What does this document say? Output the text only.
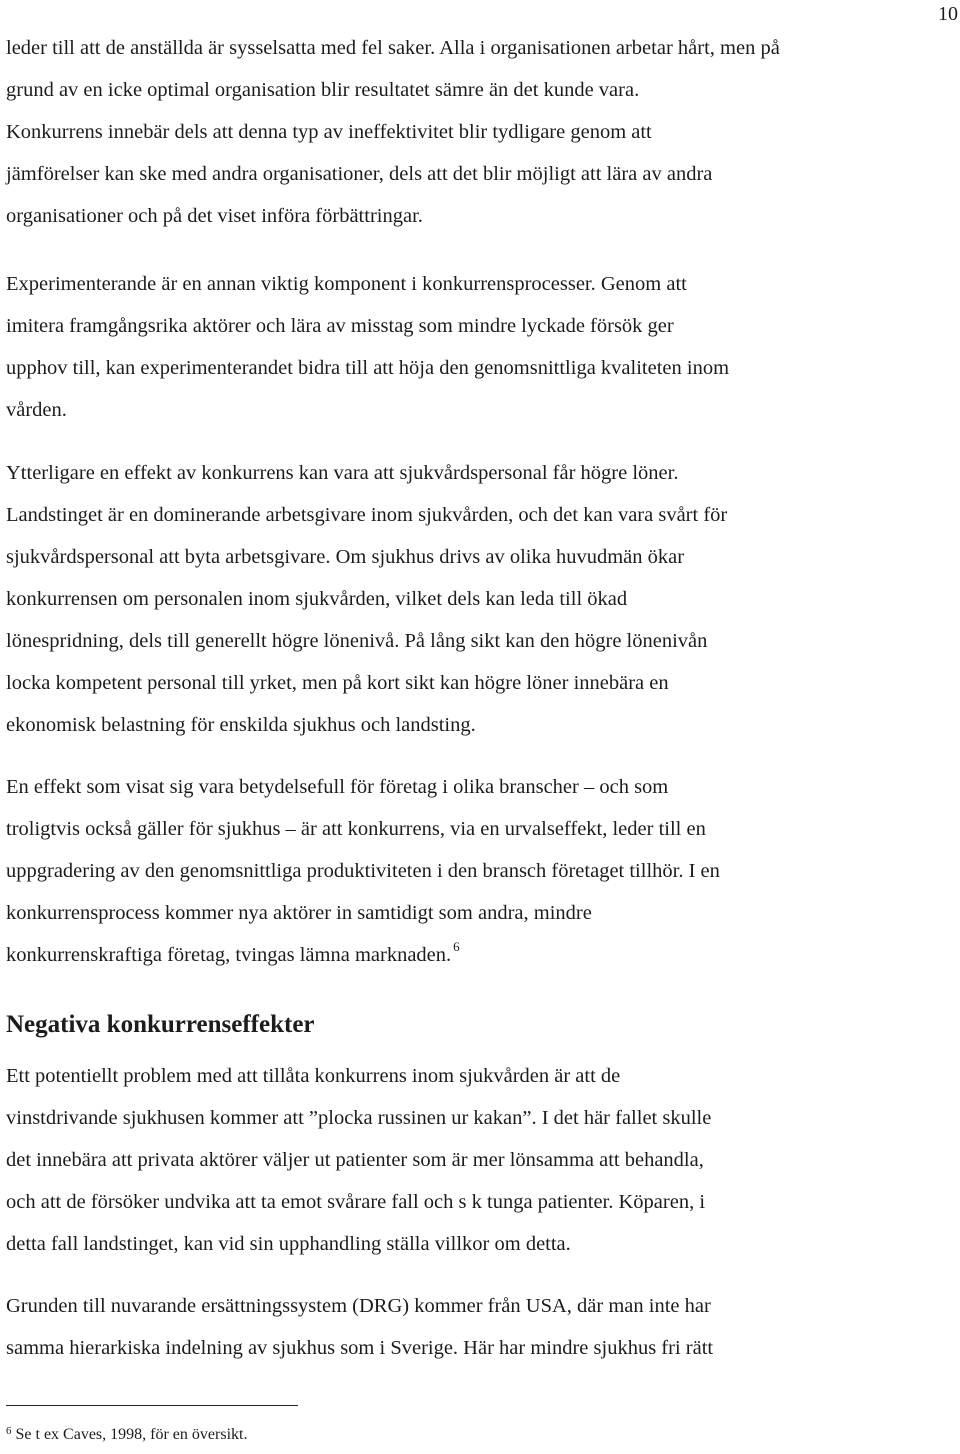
10
leder till att de anställda är sysselsatta med fel saker. Alla i organisationen arbetar hårt, men på
grund av en icke optimal organisation blir resultatet sämre än det kunde vara.
Konkurrens innebär dels att denna typ av ineffektivitet blir tydligare genom att
jämförelser kan ske med andra organisationer, dels att det blir möjligt att lära av andra
organisationer och på det viset införa förbättringar.
Experimenterande är en annan viktig komponent i konkurrensprocesser. Genom att
imitera framgångsrika aktörer och lära av misstag som mindre lyckade försök ger
upphov till, kan experimenterandet bidra till att höja den genomsnittliga kvaliteten inom
vården.
Ytterligare en effekt av konkurrens kan vara att sjukvårdspersonal får högre löner.
Landstinget är en dominerande arbetsgivare inom sjukvården, och det kan vara svårt för
sjukvårdspersonal att byta arbetsgivare. Om sjukhus drivs av olika huvudmän ökar
konkurrensen om personalen inom sjukvården, vilket dels kan leda till ökad
lönespridning, dels till generellt högre lönenivå. På lång sikt kan den högre lönenivån
locka kompetent personal till yrket, men på kort sikt kan högre löner innebära en
ekonomisk belastning för enskilda sjukhus och landsting.
En effekt som visat sig vara betydelsefull för företag i olika branscher – och som
troligtvis också gäller för sjukhus – är att konkurrens, via en urvalseffekt, leder till en
uppgradering av den genomsnittliga produktiviteten i den bransch företaget tillhör. I en
konkurrensprocess kommer nya aktörer in samtidigt som andra, mindre
konkurrenskraftiga företag, tvingas lämna marknaden. $^6$
Negativa konkurrenseffekter
Ett potentiellt problem med att tillåta konkurrens inom sjukvården är att de
vinstdrivande sjukhusen kommer att ”plocka russinen ur kakan”. I det här fallet skulle
det innebära att privata aktörer väljer ut patienter som är mer lönsamma att behandla,
och att de försöker undvika att ta emot svårare fall och s k tunga patienter. Köparen, i
detta fall landstinget, kan vid sin upphandling ställa villkor om detta.
Grunden till nuvarande ersättningssystem (DRG) kommer från USA, där man inte har
samma hierarkiska indelning av sjukhus som i Sverige. Här har mindre sjukhus fri rätt
$^6$ Se t ex Caves, 1998, för en översikt.
